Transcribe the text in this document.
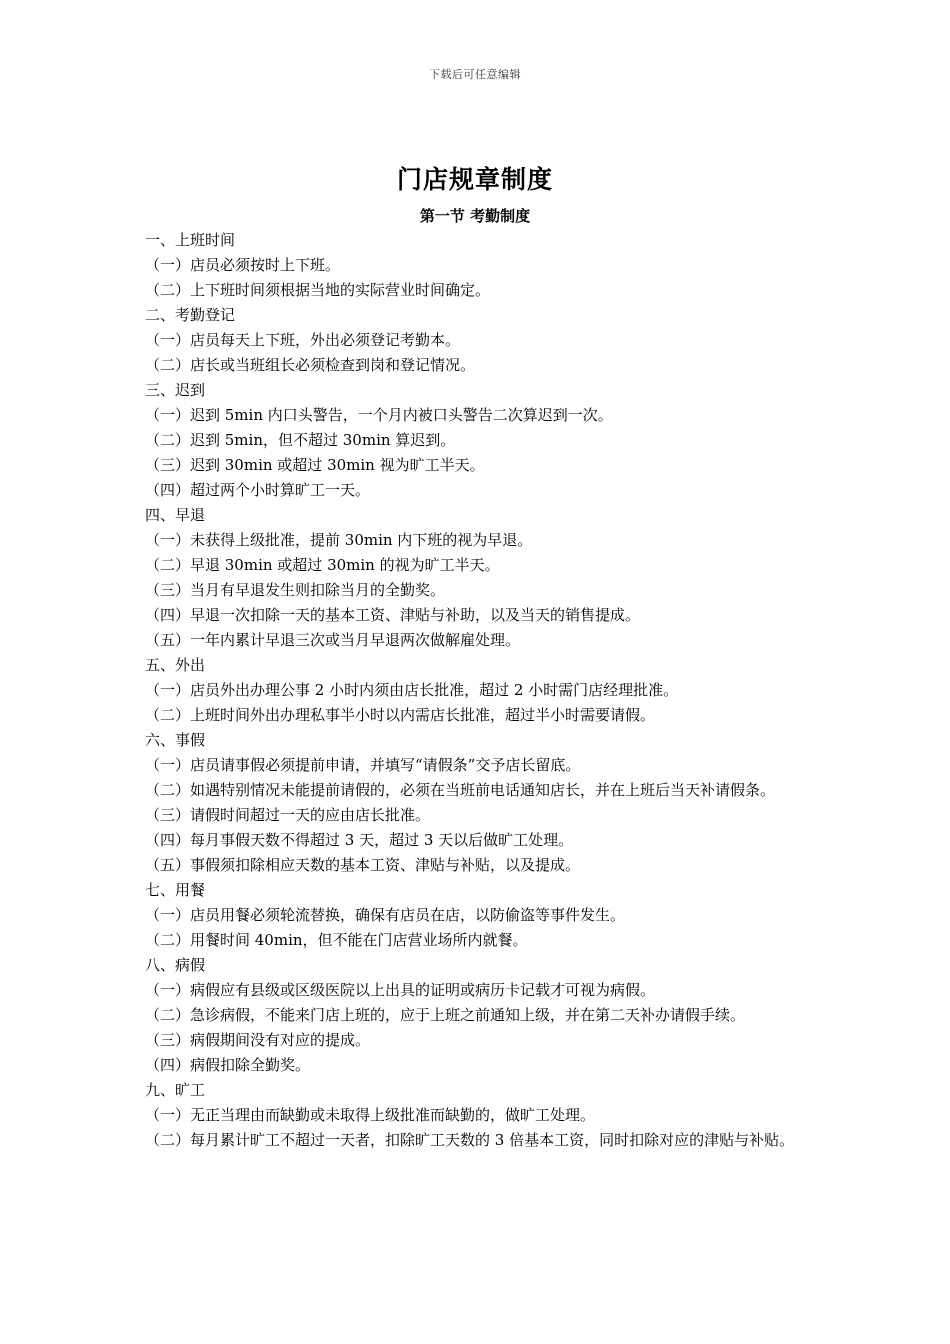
下载后可任意编辑
门店规章制度
第一节 考勤制度

一、上班时间

（一）店员必须按时上下班。

（二）上下班时间须根据当地的实际营业时间确定。

二、考勤登记

（一）店员每天上下班，外出必须登记考勤本。

（二）店长或当班组长必须检查到岗和登记情况。

三、迟到

（一）迟到 5min 内口头警告，一个月内被口头警告二次算迟到一次。

（二）迟到 5min，但不超过 30min 算迟到。

（三）迟到 30min 或超过 30min 视为旷工半天。

（四）超过两个小时算旷工一天。

四、早退

（一）未获得上级批准，提前 30min 内下班的视为早退。

（二）早退 30min 或超过 30min 的视为旷工半天。

（三）当月有早退发生则扣除当月的全勤奖。

（四）早退一次扣除一天的基本工资、津贴与补助，以及当天的销售提成。

（五）一年内累计早退三次或当月早退两次做解雇处理。

五、外出

（一）店员外出办理公事 2 小时内须由店长批准，超过 2 小时需门店经理批准。

（二）上班时间外出办理私事半小时以内需店长批准，超过半小时需要请假。

六、事假

（一）店员请事假必须提前申请，并填写“请假条”交予店长留底。

（二）如遇特别情况未能提前请假的，必须在当班前电话通知店长，并在上班后当天补请假条。

（三）请假时间超过一天的应由店长批准。

（四）每月事假天数不得超过 3 天，超过 3 天以后做旷工处理。

（五）事假须扣除相应天数的基本工资、津贴与补贴，以及提成。

七、用餐

（一）店员用餐必须轮流替换，确保有店员在店，以防偷盗等事件发生。

（二）用餐时间 40min，但不能在门店营业场所内就餐。

八、病假

（一）病假应有县级或区级医院以上出具的证明或病历卡记载才可视为病假。

（二）急诊病假，不能来门店上班的，应于上班之前通知上级，并在第二天补办请假手续。

（三）病假期间没有对应的提成。

（四）病假扣除全勤奖。

九、旷工

（一）无正当理由而缺勤或未取得上级批准而缺勤的，做旷工处理。

（二）每月累计旷工不超过一天者，扣除旷工天数的 3 倍基本工资，同时扣除对应的津贴与补贴。
